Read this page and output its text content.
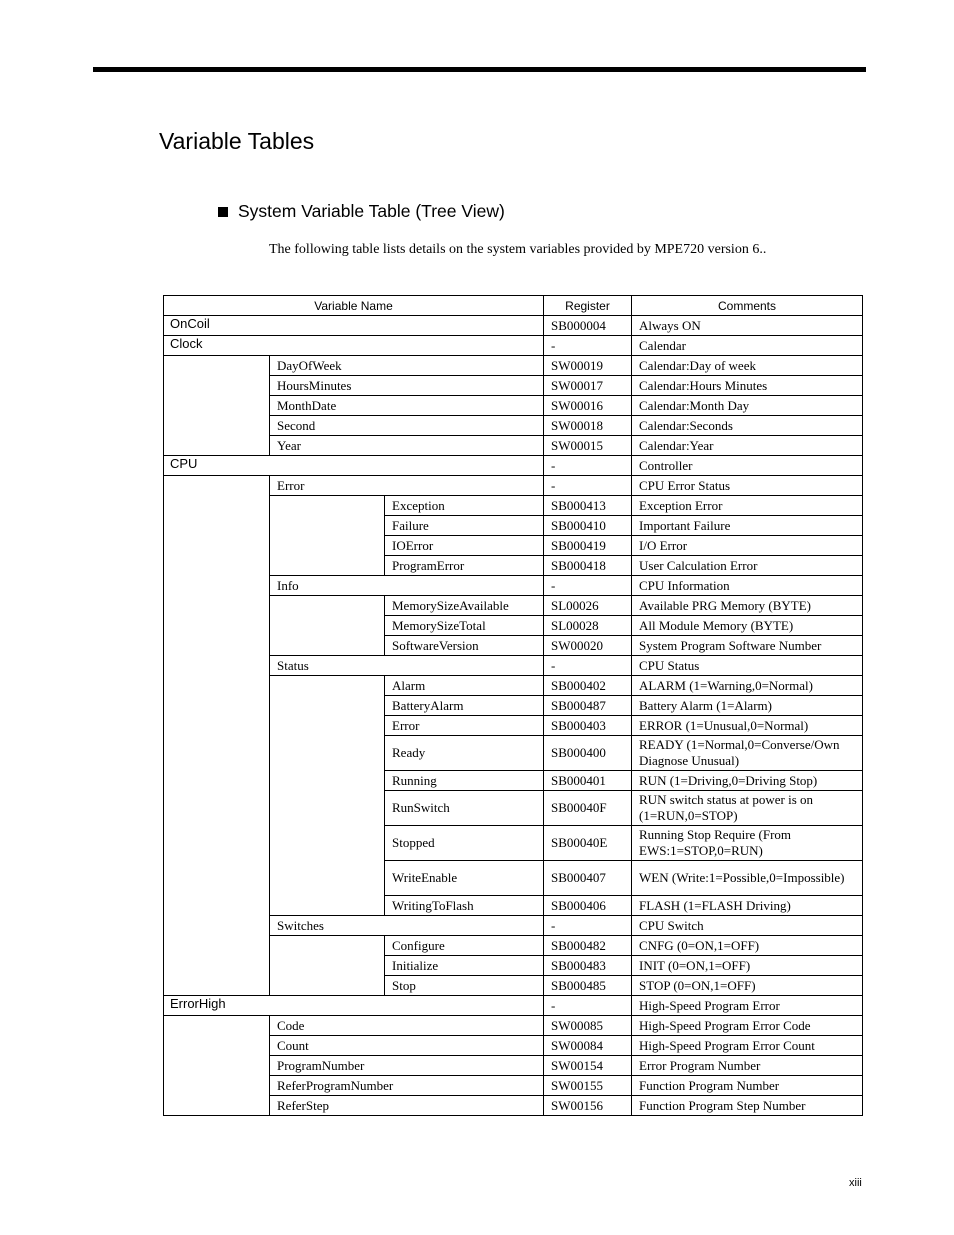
Variable Tables
System Variable Table (Tree View)

The following table lists details on the system variables provided by MPE720 version 6..

Variable Name			Register	Comments
OnCoil			SB000004	Always ON
Clock			-	Calendar
	DayOfWeek		SW00019	Calendar:Day of week
	HoursMinutes		SW00017	Calendar:Hours Minutes
	MonthDate		SW00016	Calendar:Month Day
	Second		SW00018	Calendar:Seconds
	Year		SW00015	Calendar:Year
CPU			-	Controller
	Error		-	CPU Error Status
		Exception	SB000413	Exception Error
		Failure	SB000410	Important Failure
		IOError	SB000419	I/O Error
		ProgramError	SB000418	User Calculation Error
	Info		-	CPU Information
		MemorySizeAvailable	SL00026	Available PRG Memory (BYTE)
		MemorySizeTotal	SL00028	All Module Memory (BYTE)
		SoftwareVersion	SW00020	System Program Software Number
	Status		-	CPU Status
		Alarm	SB000402	ALARM (1=Warning,0=Normal)
		BatteryAlarm	SB000487	Battery Alarm (1=Alarm)
		Error	SB000403	ERROR (1=Unusual,0=Normal)
		Ready	SB000400	READY (1=Normal,0=Converse/Own Diagnose Unusual)
		Running	SB000401	RUN (1=Driving,0=Driving Stop)
		RunSwitch	SB00040F	RUN switch status at power is on (1=RUN,0=STOP)
		Stopped	SB00040E	Running Stop Require (From EWS:1=STOP,0=RUN)
		WriteEnable	SB000407	WEN (Write:1=Possible,0=Impossible)
		WritingToFlash	SB000406	FLASH (1=FLASH Driving)
	Switches		-	CPU Switch
		Configure	SB000482	CNFG (0=ON,1=OFF)
		Initialize	SB000483	INIT (0=ON,1=OFF)
		Stop	SB000485	STOP (0=ON,1=OFF)
ErrorHigh			-	High-Speed Program Error
	Code		SW00085	High-Speed Program Error Code
	Count		SW00084	High-Speed Program Error Count
	ProgramNumber		SW00154	Error Program Number
	ReferProgramNumber		SW00155	Function Program Number
	ReferStep		SW00156	Function Program Step Number
xiii
